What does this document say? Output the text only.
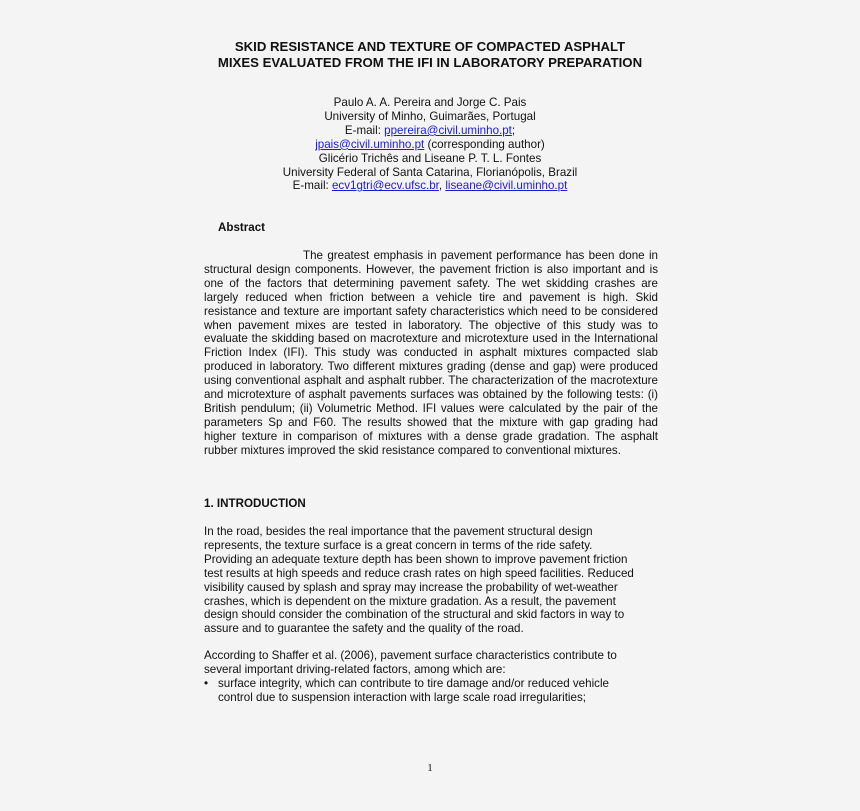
SKID RESISTANCE AND TEXTURE OF COMPACTED ASPHALT
MIXES EVALUATED FROM THE IFI IN LABORATORY PREPARATION
Paulo A. A. Pereira and Jorge C. Pais
University of Minho, Guimarães, Portugal
E-mail: ppereira@civil.uminho.pt;
jpais@civil.uminho.pt (corresponding author)
Glicério Trichês and Liseane P. T. L. Fontes
University Federal of Santa Catarina, Florianópolis, Brazil
E-mail: ecv1gtri@ecv.ufsc.br, liseane@civil.uminho.pt
Abstract
The greatest emphasis in pavement performance has been done in structural design components. However, the pavement friction is also important and is one of the factors that determining pavement safety. The wet skidding crashes are largely reduced when friction between a vehicle tire and pavement is high. Skid resistance and texture are important safety characteristics which need to be considered when pavement mixes are tested in laboratory. The objective of this study was to evaluate the skidding based on macrotexture and microtexture used in the International Friction Index (IFI). This study was conducted in asphalt mixtures compacted slab produced in laboratory. Two different mixtures grading (dense and gap) were produced using conventional asphalt and asphalt rubber. The characterization of the macrotexture and microtexture of asphalt pavements surfaces was obtained by the following tests: (i) British pendulum; (ii) Volumetric Method. IFI values were calculated by the pair of the parameters Sp and F60. The results showed that the mixture with gap grading had higher texture in comparison of mixtures with a dense grade gradation. The asphalt rubber mixtures improved the skid resistance compared to conventional mixtures.
1. INTRODUCTION
In the road, besides the real importance that the pavement structural design
represents, the texture surface is a great concern in terms of the ride safety.
Providing an adequate texture depth has been shown to improve pavement friction
test results at high speeds and reduce crash rates on high speed facilities. Reduced
visibility caused by splash and spray may increase the probability of wet-weather
crashes, which is dependent on the mixture gradation. As a result, the pavement
design should consider the combination of the structural and skid factors in way to
assure and to guarantee the safety and the quality of the road.
According to Shaffer et al. (2006), pavement surface characteristics contribute to
several important driving-related factors, among which are:
• surface integrity, which can contribute to tire damage and/or reduced vehicle
control due to suspension interaction with large scale road irregularities;
1
